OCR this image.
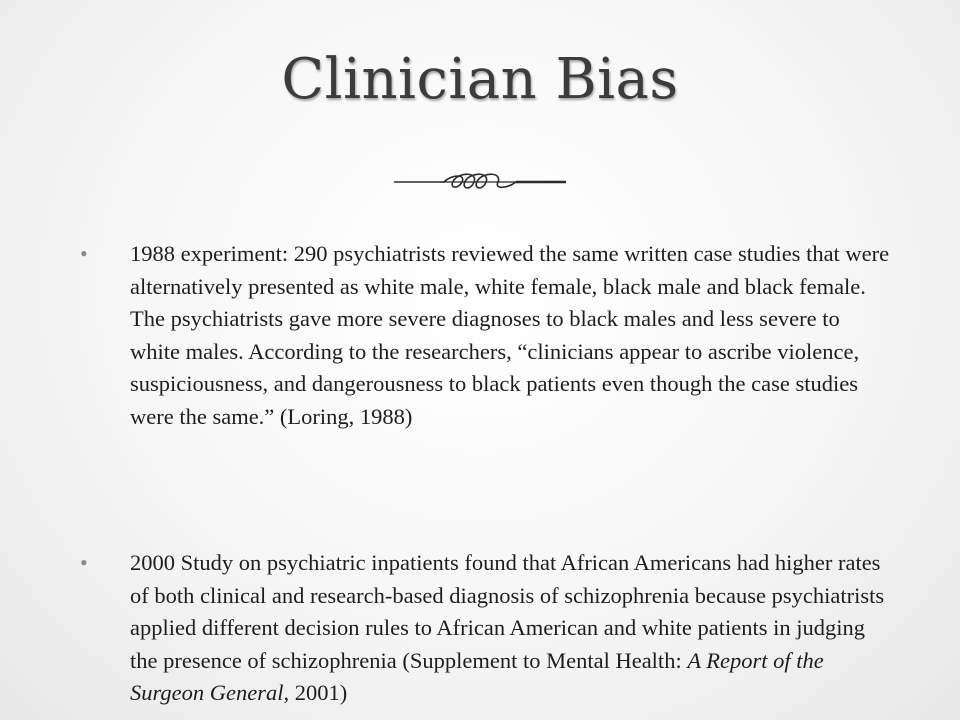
Clinician Bias
•	1988 experiment: 290 psychiatrists reviewed the same written case studies that were alternatively presented as white male, white female, black male and black female. The psychiatrists gave more severe diagnoses to black males and less severe to white males. According to the researchers, “clinicians appear to ascribe violence, suspiciousness, and dangerousness to black patients even though the case studies were the same.” (Loring, 1988)
•	2000 Study on psychiatric inpatients found that African Americans had higher rates of both clinical and research-based diagnosis of schizophrenia because psychiatrists applied different decision rules to African American and white patients in judging the presence of schizophrenia (Supplement to Mental Health: A Report of the Surgeon General, 2001)
